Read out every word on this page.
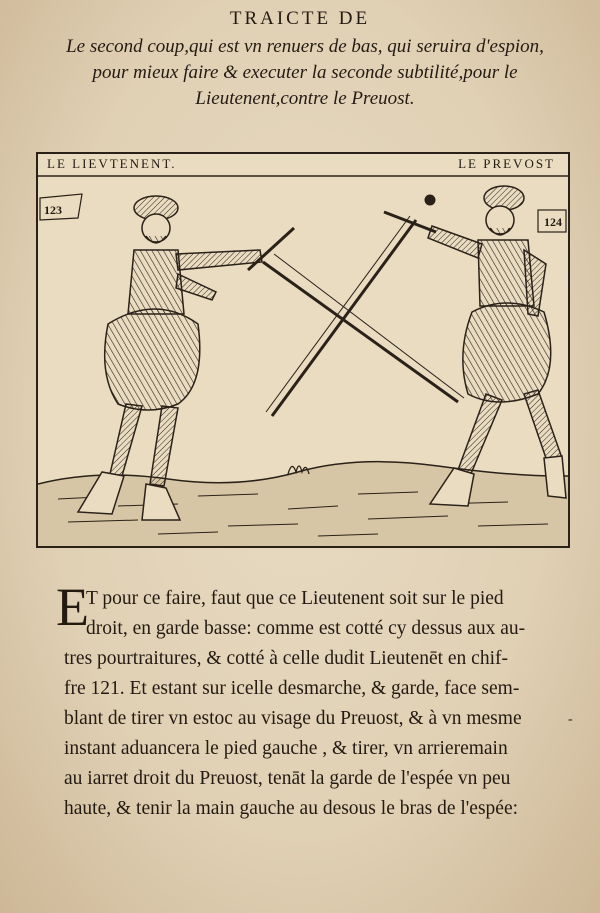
TRAICTE DE
Le second coup,qui est vn renuers de bas, qui seruira d'espion,
pour mieux faire & executer la seconde subtilité,pour le
Lieutenent,contre le Preuost.
LE LIEVTENENT.	LE PREVOST
123
124
E
T pour ce faire, faut que ce Lieutenent soit sur le pied
droit, en garde basse: comme est cotté cy dessus aux au-
tres pourtraitures, & cotté à celle dudit Lieutenēt en chif-
fre 121. Et estant sur icelle desmarche, & garde, face sem-
blant de tirer vn estoc au visage du Preuost, & à vn mesme
instant aduancera le pied gauche , & tirer, vn arrieremain
au iarret droit du Preuost, tenāt la garde de l'espée vn peu
haute, & tenir la main gauche au desous le bras de l'espée:
-
